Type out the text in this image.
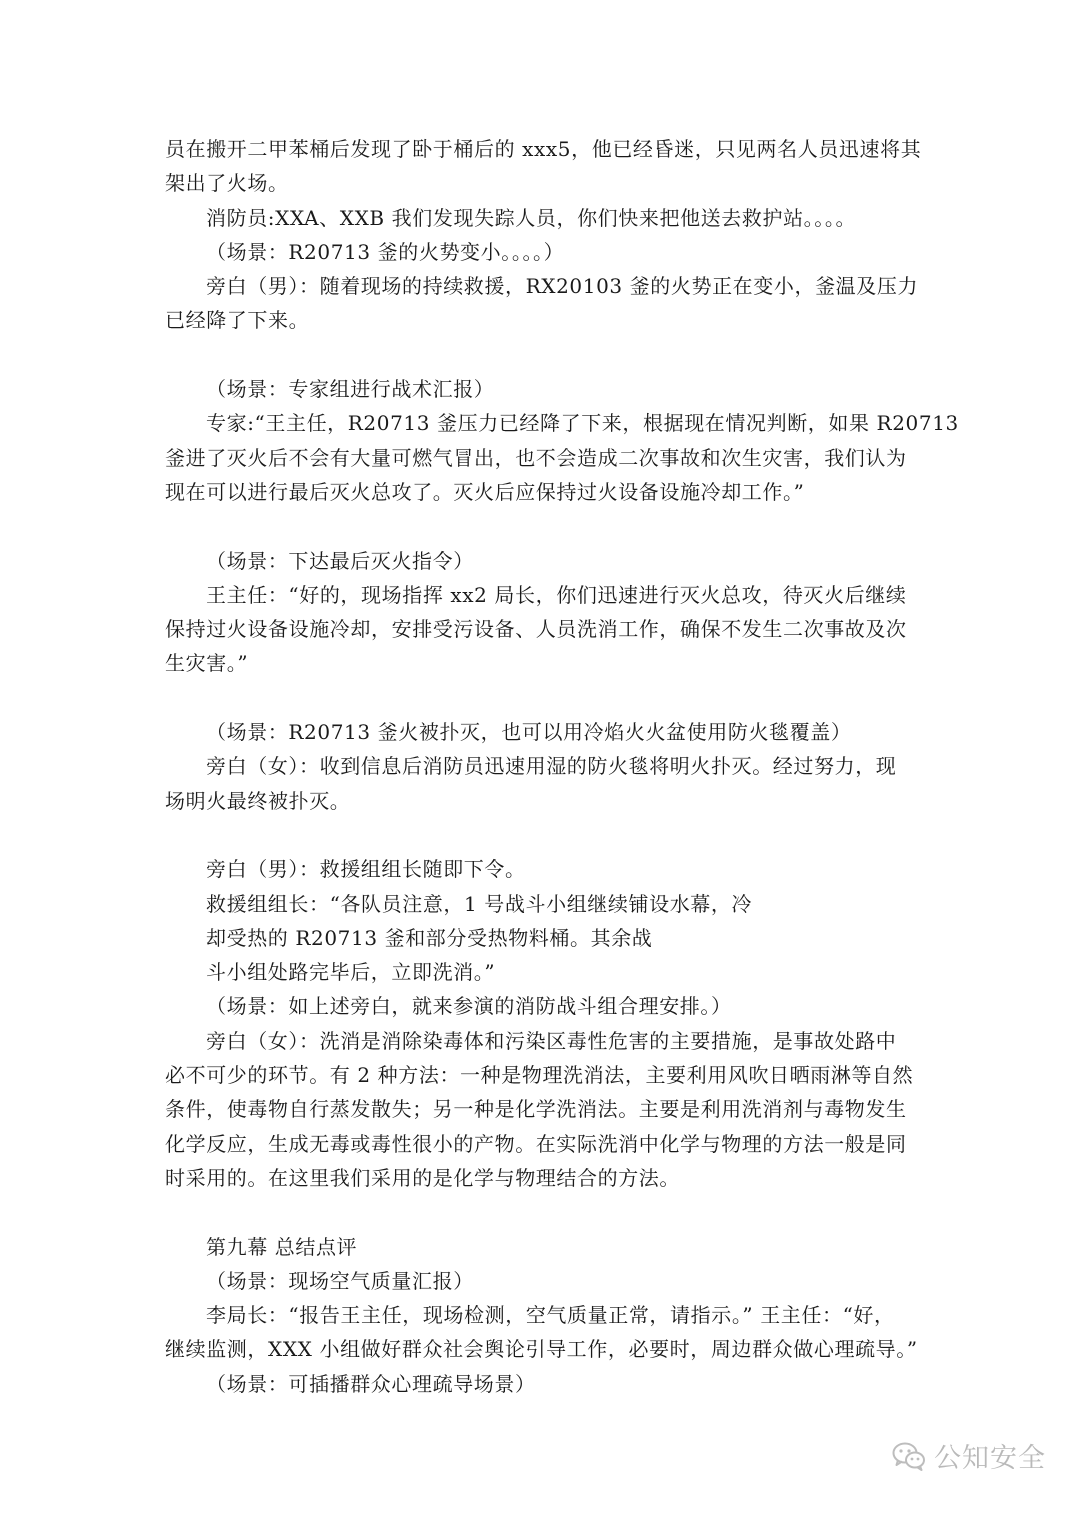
员在搬开二甲苯桶后发现了卧于桶后的 xxx5，他已经昏迷，只见两名人员迅速将其
架出了火场。
消防员:XXA、XXB 我们发现失踪人员，你们快来把他送去救护站。。。。
（场景：R20713 釜的火势变小。。。。）
旁白（男）：随着现场的持续救援，RX20103 釜的火势正在变小，釜温及压力
已经降了下来。
（场景：专家组进行战术汇报）
专家:“王主任，R20713 釜压力已经降了下来，根据现在情况判断，如果 R20713
釜进了灭火后不会有大量可燃气冒出，也不会造成二次事故和次生灾害，我们认为
现在可以进行最后灭火总攻了。灭火后应保持过火设备设施冷却工作。”
（场景：下达最后灭火指令）
王主任：“好的，现场指挥 xx2 局长，你们迅速进行灭火总攻，待灭火后继续
保持过火设备设施冷却，安排受污设备、人员洗消工作，确保不发生二次事故及次
生灾害。”
（场景：R20713 釜火被扑灭，也可以用冷焰火火盆使用防火毯覆盖）
旁白（女）：收到信息后消防员迅速用湿的防火毯将明火扑灭。经过努力，现
场明火最终被扑灭。
旁白（男）：救援组组长随即下令。
救援组组长：“各队员注意，1 号战斗小组继续铺设水幕，冷
却受热的 R20713 釜和部分受热物料桶。其余战
斗小组处路完毕后，立即洗消。”
（场景：如上述旁白，就来参演的消防战斗组合理安排。）
旁白（女）：洗消是消除染毒体和污染区毒性危害的主要措施，是事故处路中
必不可少的环节。有 2 种方法：一种是物理洗消法，主要利用风吹日晒雨淋等自然
条件，使毒物自行蒸发散失；另一种是化学洗消法。主要是利用洗消剂与毒物发生
化学反应，生成无毒或毒性很小的产物。在实际洗消中化学与物理的方法一般是同
时采用的。在这里我们采用的是化学与物理结合的方法。
第九幕 总结点评
（场景：现场空气质量汇报）
李局长：“报告王主任，现场检测，空气质量正常，请指示。” 王主任：“好，
继续监测，XXX 小组做好群众社会舆论引导工作，必要时，周边群众做心理疏导。”
（场景：可插播群众心理疏导场景）
公知安全
